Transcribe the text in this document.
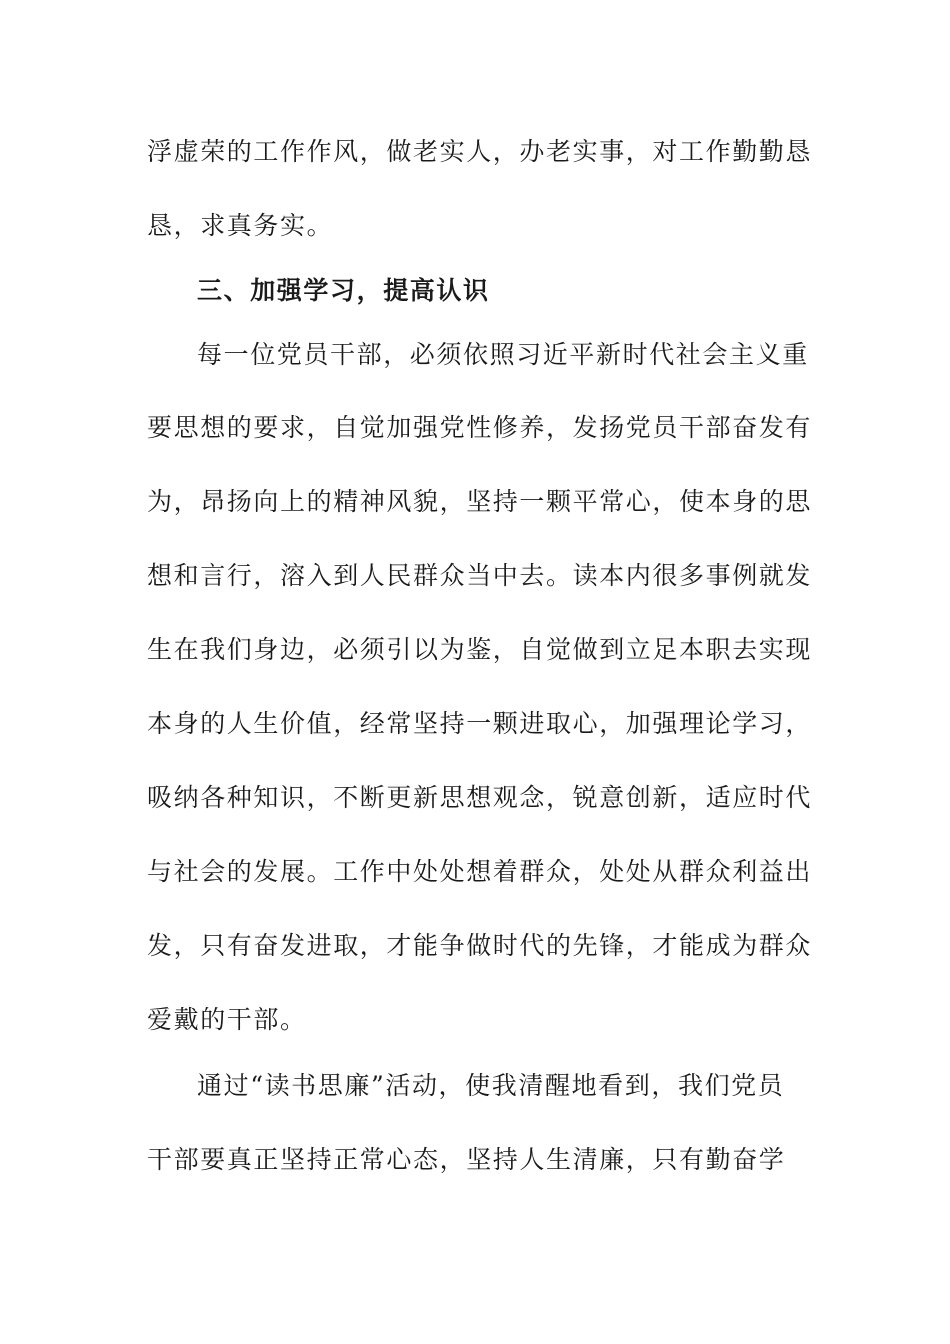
浮虚荣的工作作风，做老实人，办老实事，对工作勤勤恳
恳，求真务实。
三、加强学习，提高认识
每一位党员干部，必须依照习近平新时代社会主义重
要思想的要求，自觉加强党性修养，发扬党员干部奋发有
为，昂扬向上的精神风貌，坚持一颗平常心，使本身的思
想和言行，溶入到人民群众当中去。读本内很多事例就发
生在我们身边，必须引以为鉴，自觉做到立足本职去实现
本身的人生价值，经常坚持一颗进取心，加强理论学习，
吸纳各种知识，不断更新思想观念，锐意创新，适应时代
与社会的发展。工作中处处想着群众，处处从群众利益出
发，只有奋发进取，才能争做时代的先锋，才能成为群众
爱戴的干部。
通过“读书思廉”活动，使我清醒地看到，我们党员
干部要真正坚持正常心态，坚持人生清廉，只有勤奋学
